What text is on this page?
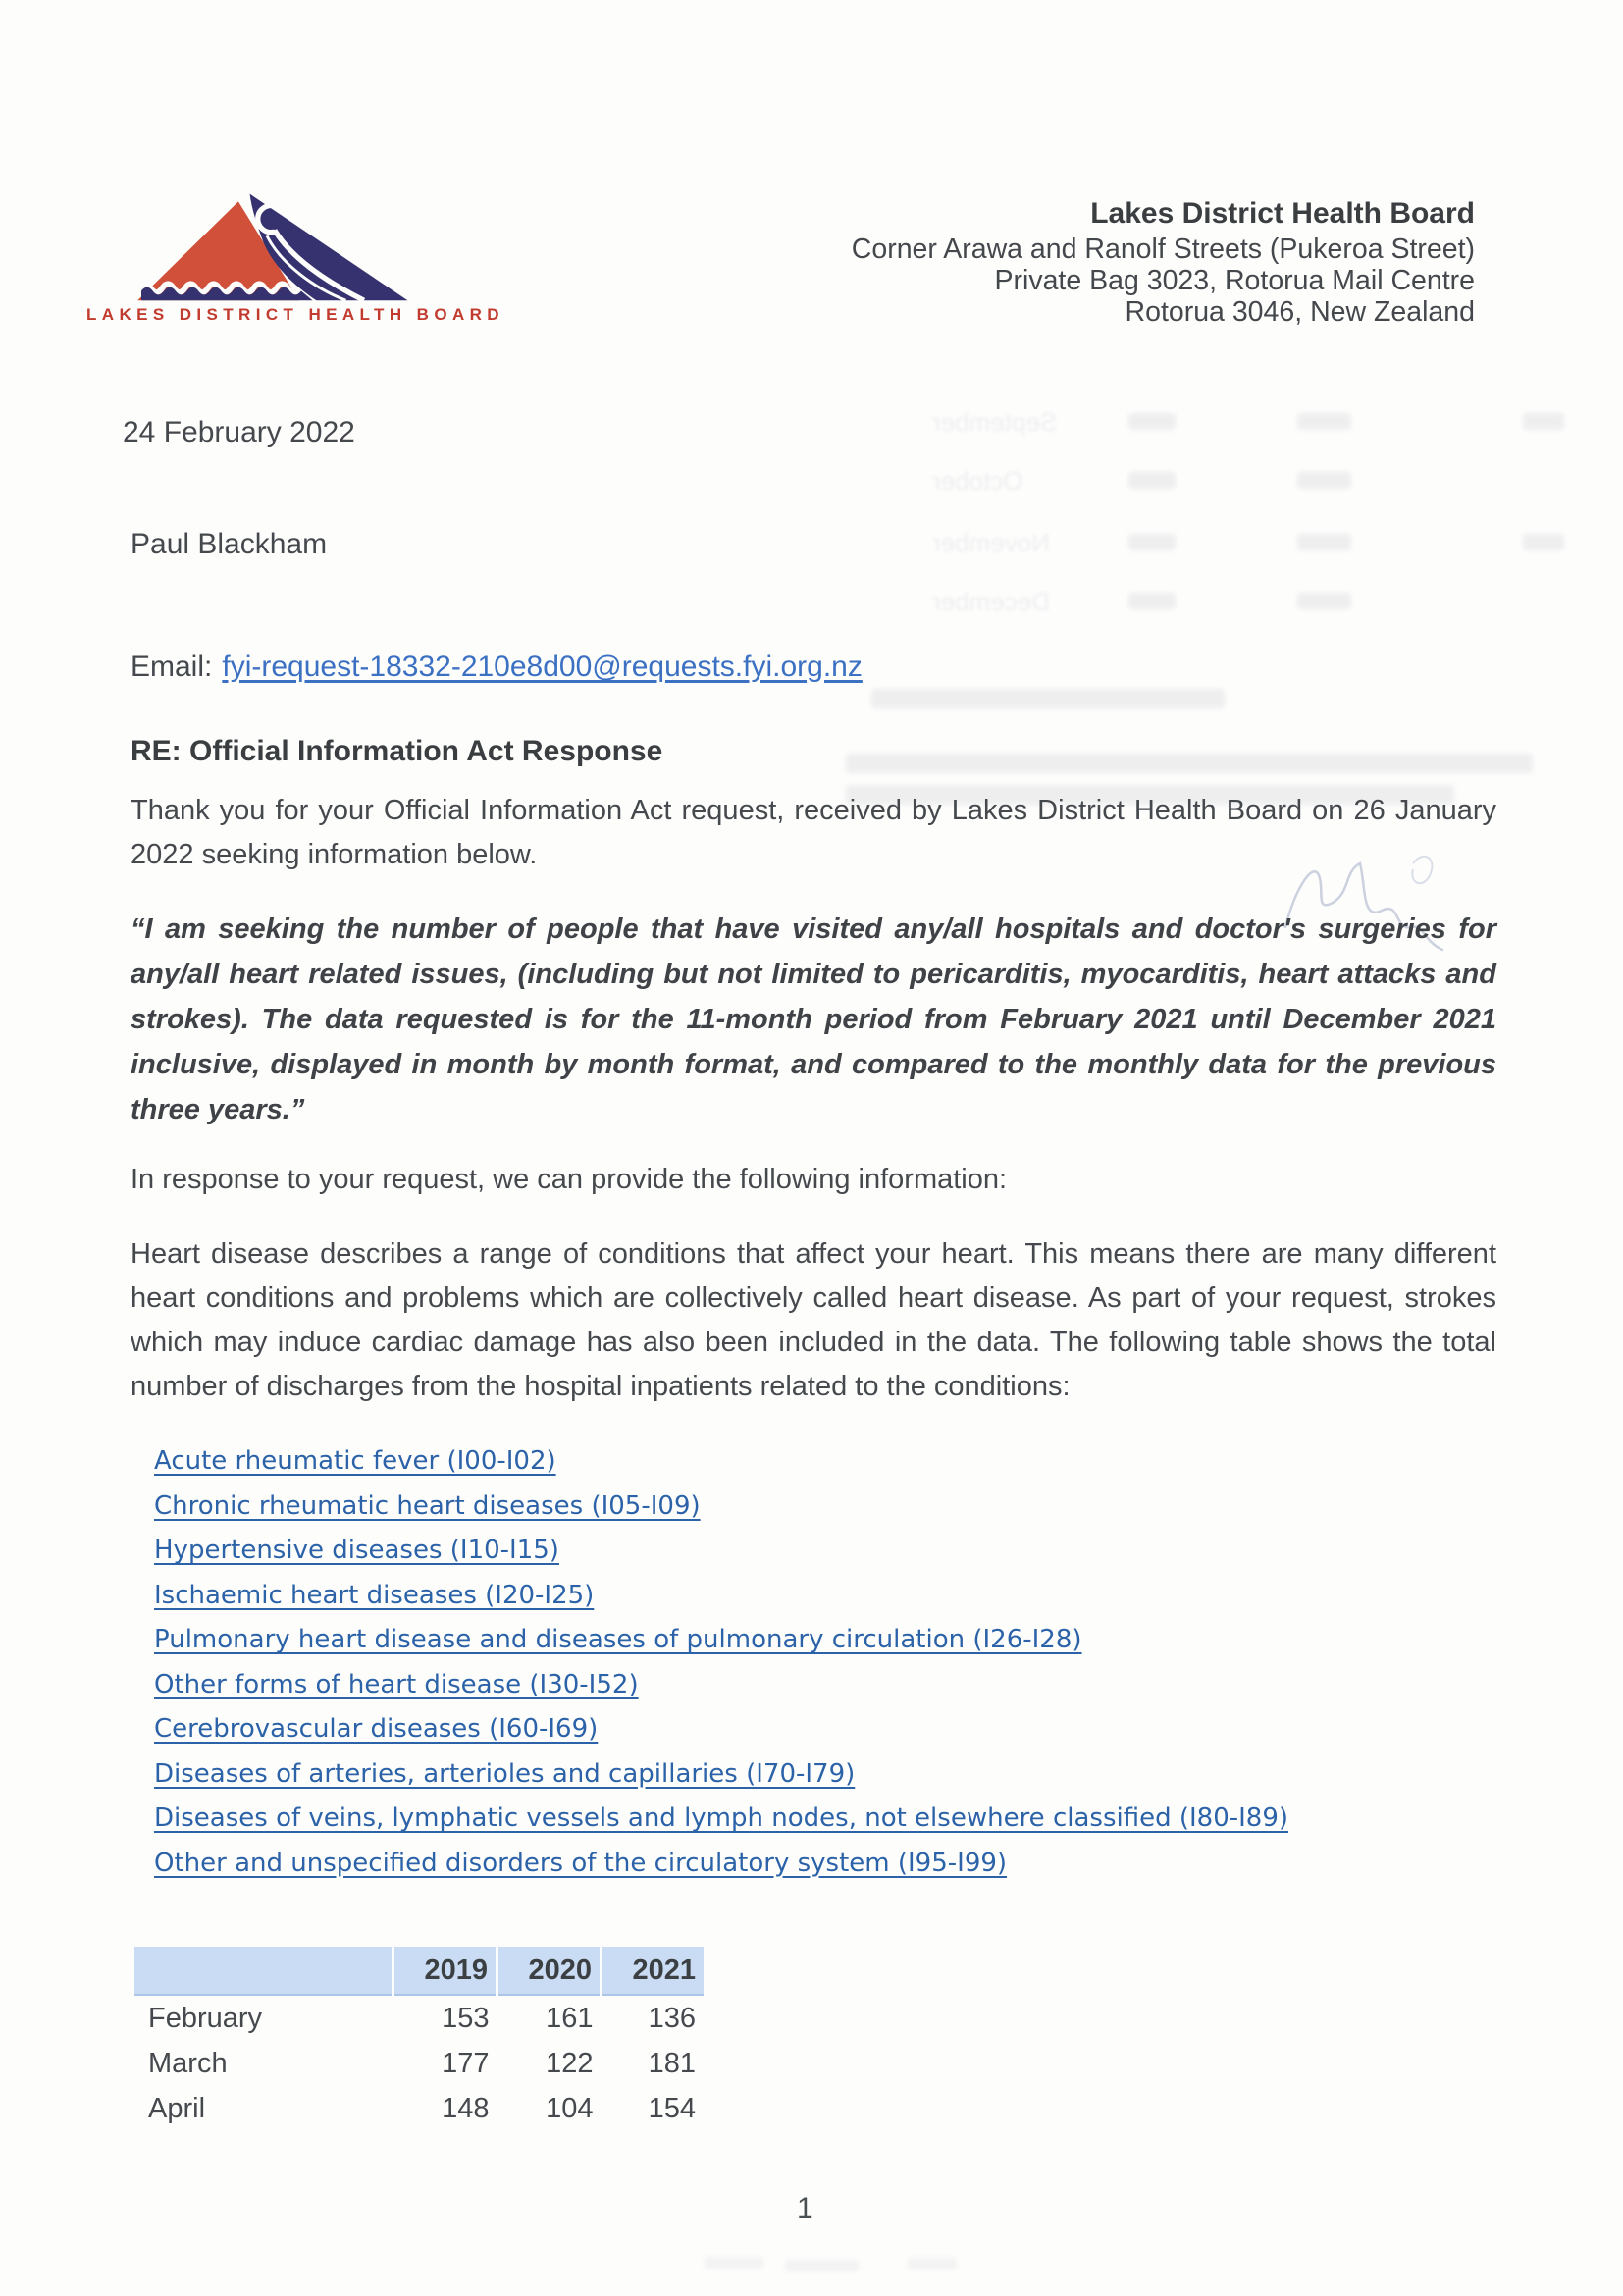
September
October
November
December
LAKES DISTRICT HEALTH BOARD
Lakes District Health Board
Corner Arawa and Ranolf Streets (Pukeroa Street)
Private Bag 3023, Rotorua Mail Centre
Rotorua 3046, New Zealand
24 February 2022
Paul Blackham
Email: fyi-request-18332-210e8d00@requests.fyi.org.nz
RE: Official Information Act Response
Thank you for your Official Information Act request, received by Lakes District Health Board on 26 January 2022 seeking information below.
“I am seeking the number of people that have visited any/all hospitals and doctor's surgeries for any/all heart related issues, (including but not limited to pericarditis, myocarditis, heart attacks and strokes). The data requested is for the 11-month period from February 2021 until December 2021 inclusive, displayed in month by month format, and compared to the monthly data for the previous three years.”
In response to your request, we can provide the following information:
Heart disease describes a range of conditions that affect your heart. This means there are many different heart conditions and problems which are collectively called heart disease. As part of your request, strokes which may induce cardiac damage has also been included in the data. The following table shows the total number of discharges from the hospital inpatients related to the conditions:
Acute rheumatic fever (I00-I02)
Chronic rheumatic heart diseases (I05-I09)
Hypertensive diseases (I10-I15)
Ischaemic heart diseases (I20-I25)
Pulmonary heart disease and diseases of pulmonary circulation (I26-I28)
Other forms of heart disease (I30-I52)
Cerebrovascular diseases (I60-I69)
Diseases of arteries, arterioles and capillaries (I70-I79)
Diseases of veins, lymphatic vessels and lymph nodes, not elsewhere classified (I80-I89)
Other and unspecified disorders of the circulatory system (I95-I99)
	2019	2020	2021
February	153	161	136
March	177	122	181
April	148	104	154
1
